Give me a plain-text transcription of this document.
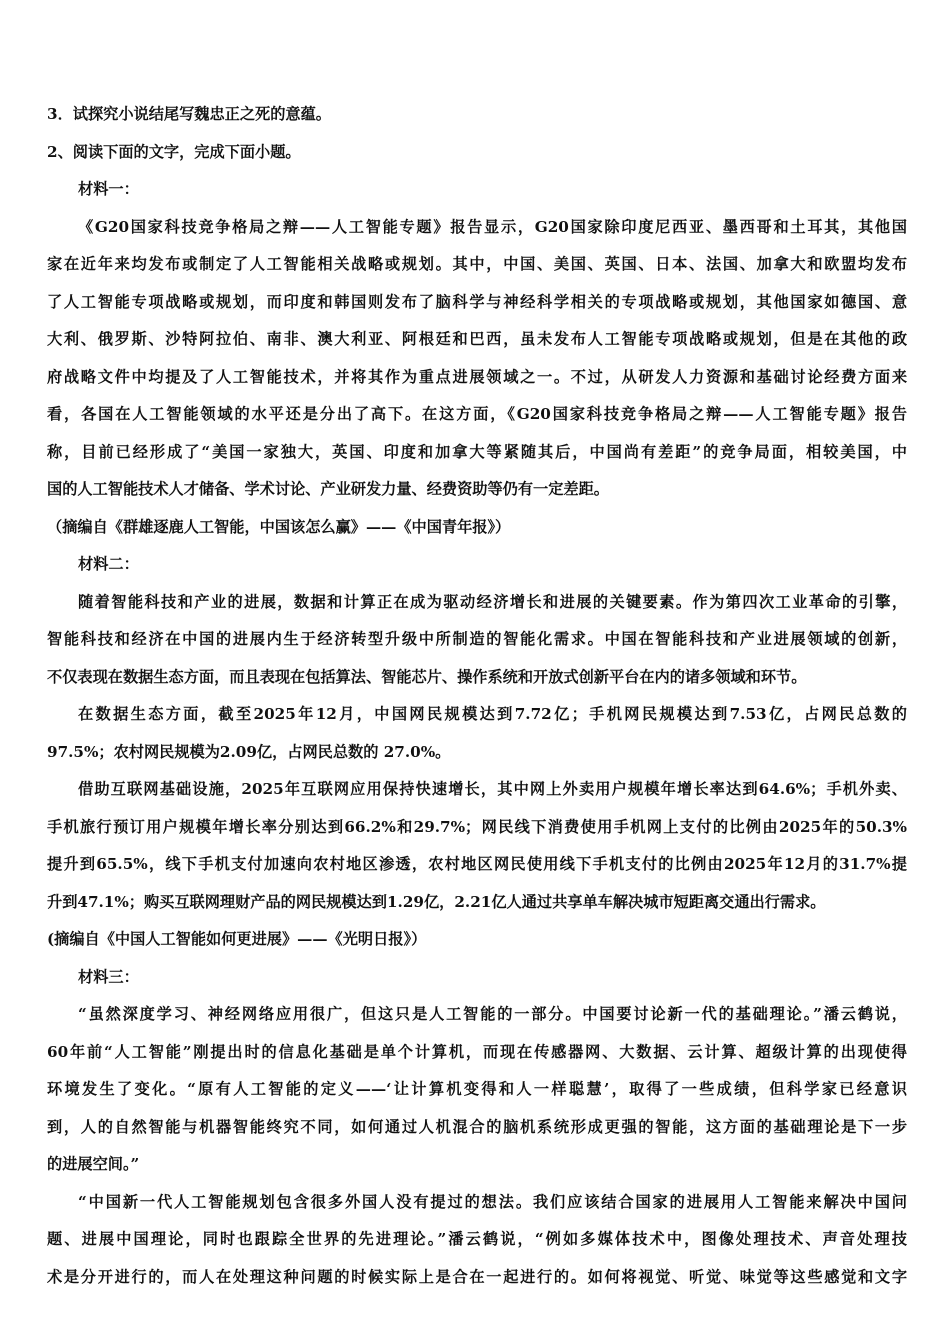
3．试探究小说结尾写魏忠正之死的意蕴。
2、阅读下面的文字，完成下面小题。
材料一：
《G20国家科技竞争格局之辩——人工智能专题》报告显示，G20国家除印度尼西亚、墨西哥和土耳其，其他国
家在近年来均发布或制定了人工智能相关战略或规划。其中，中国、美国、英国、日本、法国、加拿大和欧盟均发布
了人工智能专项战略或规划，而印度和韩国则发布了脑科学与神经科学相关的专项战略或规划，其他国家如德国、意
大利、俄罗斯、沙特阿拉伯、南非、澳大利亚、阿根廷和巴西，虽未发布人工智能专项战略或规划，但是在其他的政
府战略文件中均提及了人工智能技术，并将其作为重点进展领域之一。不过，从研发人力资源和基础讨论经费方面来
看，各国在人工智能领域的水平还是分出了高下。在这方面，《G20国家科技竞争格局之辩——人工智能专题》报告
称，目前已经形成了“美国一家独大，英国、印度和加拿大等紧随其后，中国尚有差距”的竞争局面，相较美国，中
国的人工智能技术人才储备、学术讨论、产业研发力量、经费资助等仍有一定差距。
（摘编自《群雄逐鹿人工智能，中国该怎么赢》——《中国青年报》）
材料二：
随着智能科技和产业的进展，数据和计算正在成为驱动经济增长和进展的关键要素。作为第四次工业革命的引擎，
智能科技和经济在中国的进展内生于经济转型升级中所制造的智能化需求。中国在智能科技和产业进展领域的创新，
不仅表现在数据生态方面，而且表现在包括算法、智能芯片、操作系统和开放式创新平台在内的诸多领域和环节。
在数据生态方面，截至2025年12月，中国网民规模达到7.72亿；手机网民规模达到7.53亿，占网民总数的
97.5%；农村网民规模为2.09亿，占网民总数的 27.0%。
借助互联网基础设施，2025年互联网应用保持快速增长，其中网上外卖用户规模年增长率达到64.6%；手机外卖、
手机旅行预订用户规模年增长率分别达到66.2%和29.7%；网民线下消费使用手机网上支付的比例由2025年的50.3%
提升到65.5%，线下手机支付加速向农村地区渗透，农村地区网民使用线下手机支付的比例由2025年12月的31.7%提
升到47.1%；购买互联网理财产品的网民规模达到1.29亿，2.21亿人通过共享单车解决城市短距离交通出行需求。
(摘编自《中国人工智能如何更进展》——《光明日报》）
材料三：
“虽然深度学习、神经网络应用很广，但这只是人工智能的一部分。中国要讨论新一代的基础理论。”潘云鹤说，
60年前“人工智能”刚提出时的信息化基础是单个计算机，而现在传感器网、大数据、云计算、超级计算的出现使得
环境发生了变化。“原有人工智能的定义——‘让计算机变得和人一样聪慧’，取得了一些成绩，但科学家已经意识
到，人的自然智能与机器智能终究不同，如何通过人机混合的脑机系统形成更强的智能，这方面的基础理论是下一步
的进展空间。”
“中国新一代人工智能规划包含很多外国人没有提过的想法。我们应该结合国家的进展用人工智能来解决中国问
题、进展中国理论，同时也跟踪全世界的先进理论。”潘云鹤说，“例如多媒体技术中，图像处理技术、声音处理技
术是分开进行的，而人在处理这种问题的时候实际上是合在一起进行的。如何将视觉、听觉、味觉等这些感觉和文字
